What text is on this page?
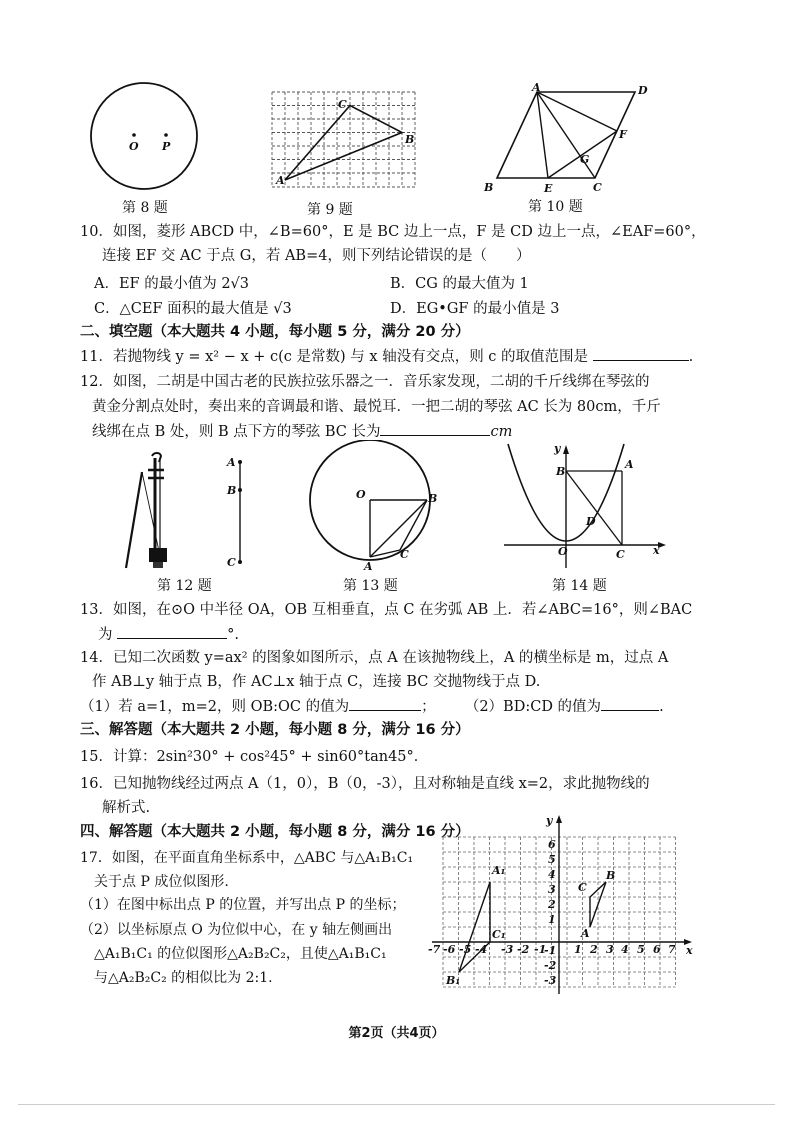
O P
第 8 题
A
C
B
第 9 题
A	D
F
G
B	E	C
第 10 题
10．如图，菱形 ABCD 中，∠B=60°，E 是 BC 边上一点，F 是 CD 边上一点，∠EAF=60°，
连接 EF 交 AC 于点 G，若 AB=4，则下列结论错误的是（　　）
A．EF 的最小值为 2√3	B．CG 的最大值为 1
C．△CEF 面积的最大值是 √3	D．EG•GF 的最小值是 3
二、填空题（本大题共 4 小题，每小题 5 分，满分 20 分）
11．若抛物线 y = x² − x + c(c 是常数) 与 x 轴没有交点，则 c 的取值范围是	.
12．如图，二胡是中国古老的民族拉弦乐器之一．音乐家发现，二胡的千斤线绑在琴弦的
黄金分割点处时，奏出来的音调最和谐、最悦耳．一把二胡的琴弦 AC 长为 80cm，千斤
线绑在点 B 处，则 B 点下方的琴弦 BC 长为	cm
A
B
C
第 12 题
O	B
C
A
第 13 题
y
x
B
A
D
O	C
第 14 题
13．如图，在⊙O 中半径 OA，OB 互相垂直，点 C 在劣弧 AB 上．若∠ABC=16°，则∠BAC
为	°.
14．已知二次函数 y=ax² 的图象如图所示，点 A 在该抛物线上，A 的横坐标是 m，过点 A
作 AB⊥y 轴于点 B，作 AC⊥x 轴于点 C，连接 BC 交抛物线于点 D.
（1）若 a=1，m=2，则 OB:OC 的值为	； （2）BD:CD 的值为	.
三、解答题（本大题共 2 小题，每小题 8 分，满分 16 分）
15．计算：2sin²30° + cos²45° + sin60°tan45°．
16．已知抛物线经过两点 A（1，0），B（0，-3），且对称轴是直线 x=2，求此抛物线的
解析式.
四、解答题（本大题共 2 小题，每小题 8 分，满分 16 分）
17．如图，在平面直角坐标系中，△ABC 与△A₁B₁C₁
关于点 P 成位似图形.
（1）在图中标出点 P 的位置，并写出点 P 的坐标；
（2）以坐标原点 O 为位似中心，在 y 轴左侧画出
△A₁B₁C₁ 的位似图形△A₂B₂C₂，且使△A₁B₁C₁
与△A₂B₂C₂ 的相似比为 2:1.
y
x
6
5
4
3
2
1
-1
-2
-3
-7 -6 -5 -4 -3 -2 -1	1 2 3 4 5 6 7
A₁
B₁
C₁	A
B
C
第2页（共4页）
